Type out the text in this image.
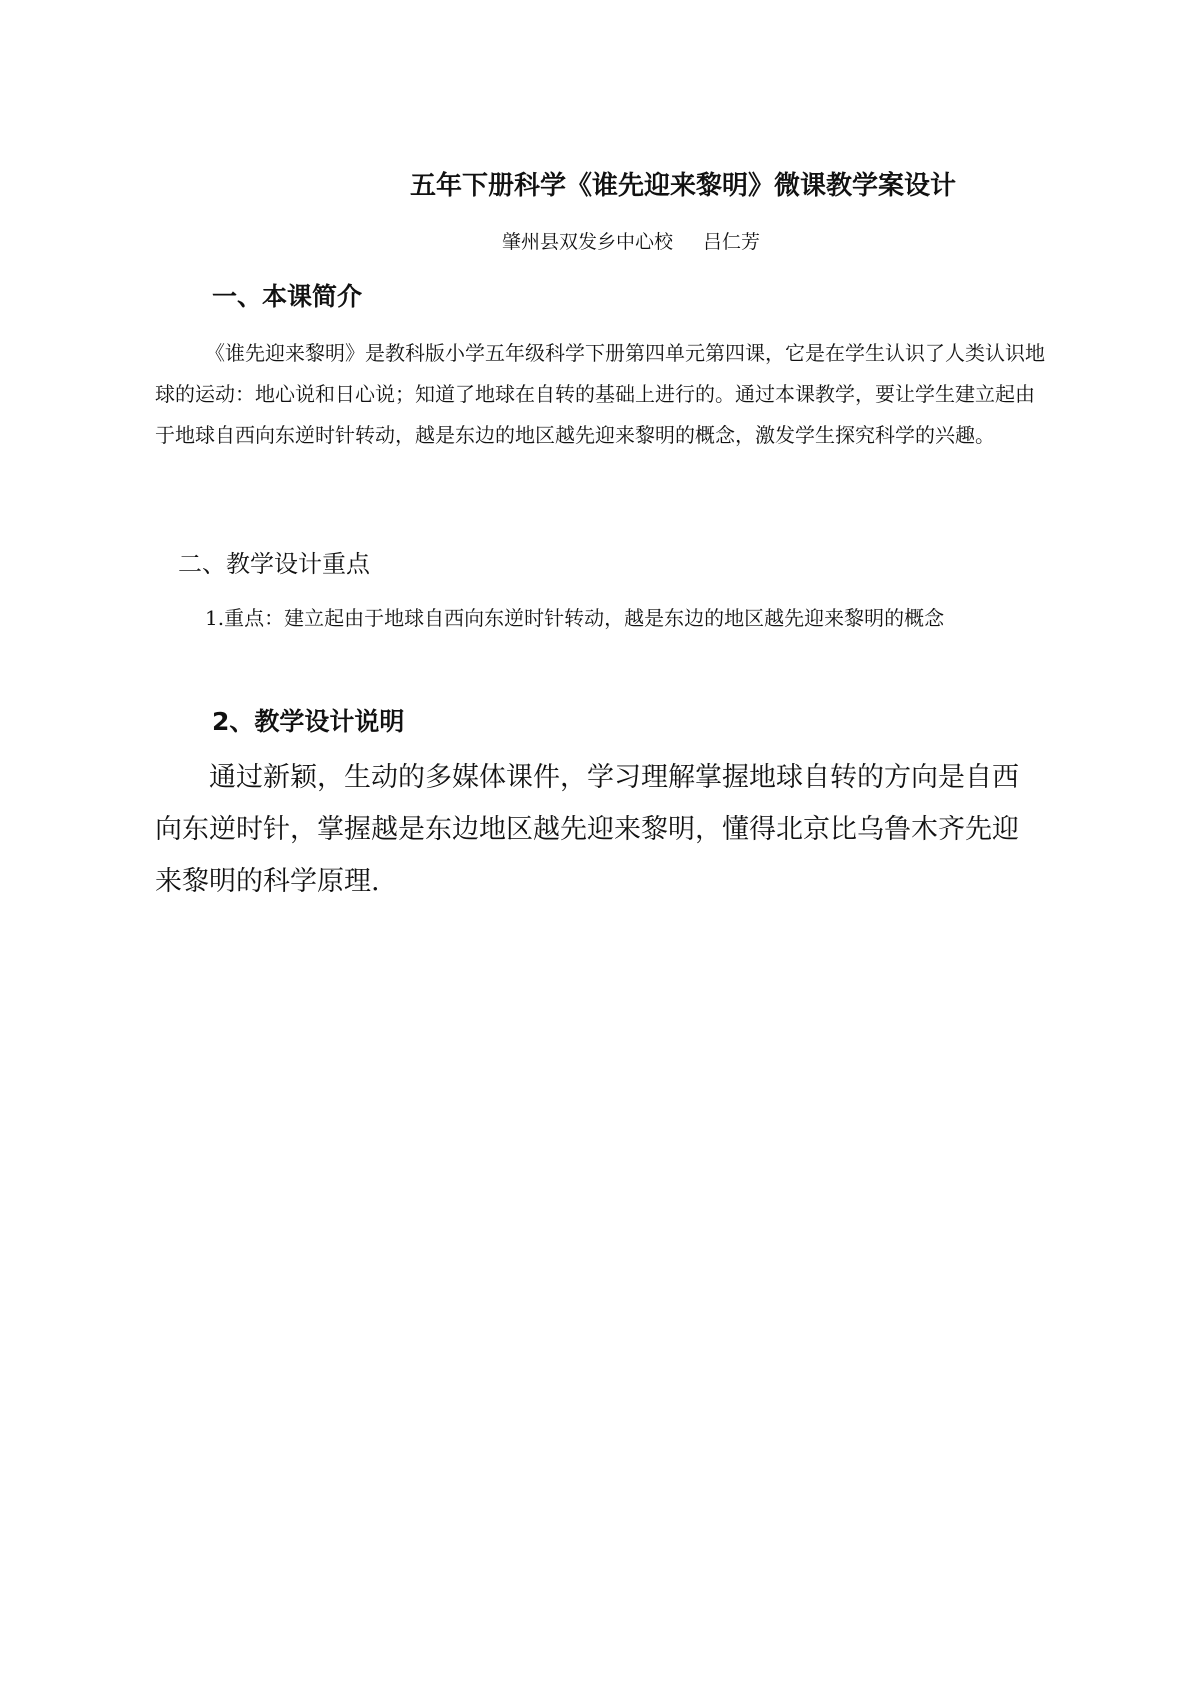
五年下册科学《谁先迎来黎明》微课教学案设计
肇州县双发乡中心校 吕仁芳
一、本课简介

《谁先迎来黎明》是教科版小学五年级科学下册第四单元第四课，它是在学生认识了人类认识地球的运动：地心说和日心说；知道了地球在自转的基础上进行的。通过本课教学，要让学生建立起由于地球自西向东逆时针转动，越是东边的地区越先迎来黎明的概念，激发学生探究科学的兴趣。

二、教学设计重点

1.重点：建立起由于地球自西向东逆时针转动，越是东边的地区越先迎来黎明的概念

2、教学设计说明

通过新颖，生动的多媒体课件，学习理解掌握地球自转的方向是自西向东逆时针，掌握越是东边地区越先迎来黎明，懂得北京比乌鲁木齐先迎来黎明的科学原理.
